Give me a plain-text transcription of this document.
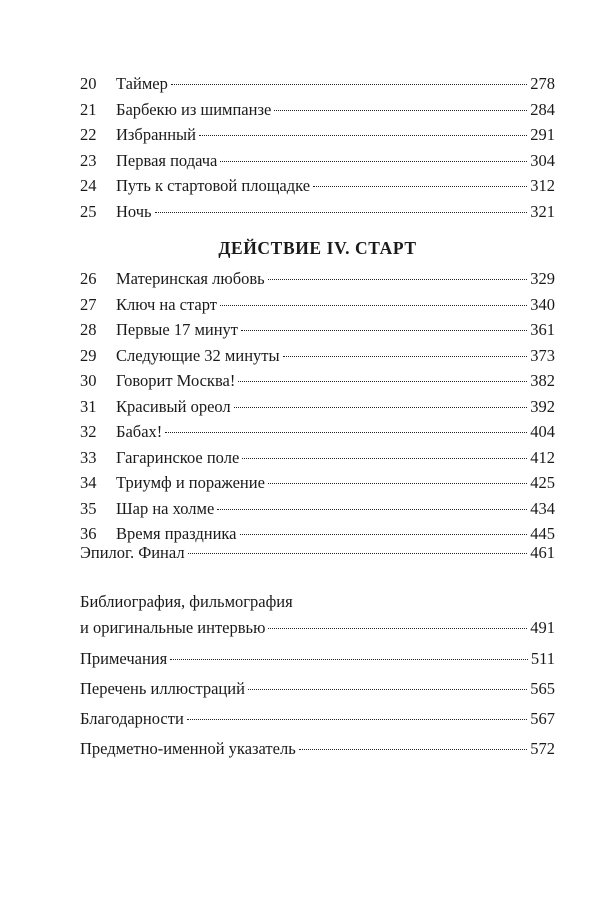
20	Таймер	278
21	Барбекю из шимпанзе	284
22	Избранный	291
23	Первая подача	304
24	Путь к стартовой площадке	312
25	Ночь	321
ДЕЙСТВИЕ IV. СТАРТ
26	Материнская любовь	329
27	Ключ на старт	340
28	Первые 17 минут	361
29	Следующие 32 минуты	373
30	Говорит Москва!	382
31	Красивый ореол	392
32	Бабах!	404
33	Гагаринское поле	412
34	Триумф и поражение	425
35	Шар на холме	434
36	Время праздника	445
Эпилог. Финал	461
Библиография, фильмография
и оригинальные интервью	491
Примечания	511
Перечень иллюстраций	565
Благодарности	567
Предметно-именной указатель	572
